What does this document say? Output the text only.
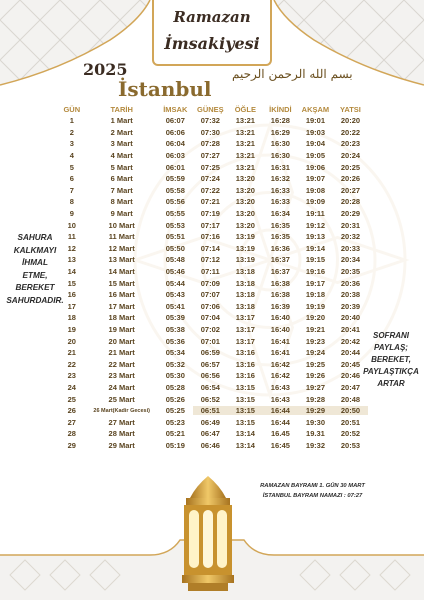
Ramazan
İmsakiyesi
2025
İstanbul
بسم الله الرحمن الرحيم
GÜN	TARİH	İMSAK	GÜNEŞ	ÖĞLE	İKİNDİ	AKŞAM	YATSI
1	1 Mart	06:07	07:32	13:21	16:28	19:01	20:20
2	2 Mart	06:06	07:30	13:21	16:29	19:03	20:22
3	3 Mart	06:04	07:28	13:21	16:30	19:04	20:23
4	4 Mart	06:03	07:27	13:21	16:30	19:05	20:24
5	5 Mart	06:01	07:25	13:21	16:31	19:06	20:25
6	6 Mart	05:59	07:24	13:20	16:32	19:07	20:26
7	7 Mart	05:58	07:22	13:20	16:33	19:08	20:27
8	8 Mart	05:56	07:21	13:20	16:33	19:09	20:28
9	9 Mart	05:55	07:19	13:20	16:34	19:11	20:29
10	10 Mart	05:53	07:17	13:20	16:35	19:12	20:31
11	11 Mart	05:51	07:16	13:19	16:35	19:13	20:32
12	12 Mart	05:50	07:14	13:19	16:36	19:14	20:33
13	13 Mart	05:48	07:12	13:19	16:37	19:15	20:34
14	14 Mart	05:46	07:11	13:18	16:37	19:16	20:35
15	15 Mart	05:44	07:09	13:18	16:38	19:17	20:36
16	16 Mart	05:43	07:07	13:18	16:38	19:18	20:38
17	17 Mart	05:41	07:06	13:18	16:39	19:19	20:39
18	18 Mart	05:39	07:04	13:17	16:40	19:20	20:40
19	19 Mart	05:38	07:02	13:17	16:40	19:21	20:41
20	20 Mart	05:36	07:01	13:17	16:41	19:23	20:42
21	21 Mart	05:34	06:59	13:16	16:41	19:24	20:44
22	22 Mart	05:32	06:57	13:16	16:42	19:25	20:45
23	23 Mart	05:30	06:56	13:16	16:42	19:26	20:46
24	24 Mart	05:28	06:54	13:15	16:43	19:27	20:47
25	25 Mart	05:26	06:52	13:15	16:43	19:28	20:48
26	26 Mart(Kadir Gecesi)	05:25	06:51	13:15	16:44	19:29	20:50
27	27 Mart	05:23	06:49	13:15	16:44	19:30	20:51
28	28 Mart	05:21	06:47	13:14	16.45	19.31	20:52
29	29 Mart	05:19	06:46	13:14	16:45	19:32	20:53
SAHURA
KALKMAYI
İHMAL
ETME,
BEREKET
SAHURDADIR.
SOFRANI
PAYLAŞ;
BEREKET,
PAYLAŞTIKÇA
ARTAR
RAMAZAN BAYRAMI 1. GÜN 30 MART
İSTANBUL BAYRAM NAMAZI : 07:27
